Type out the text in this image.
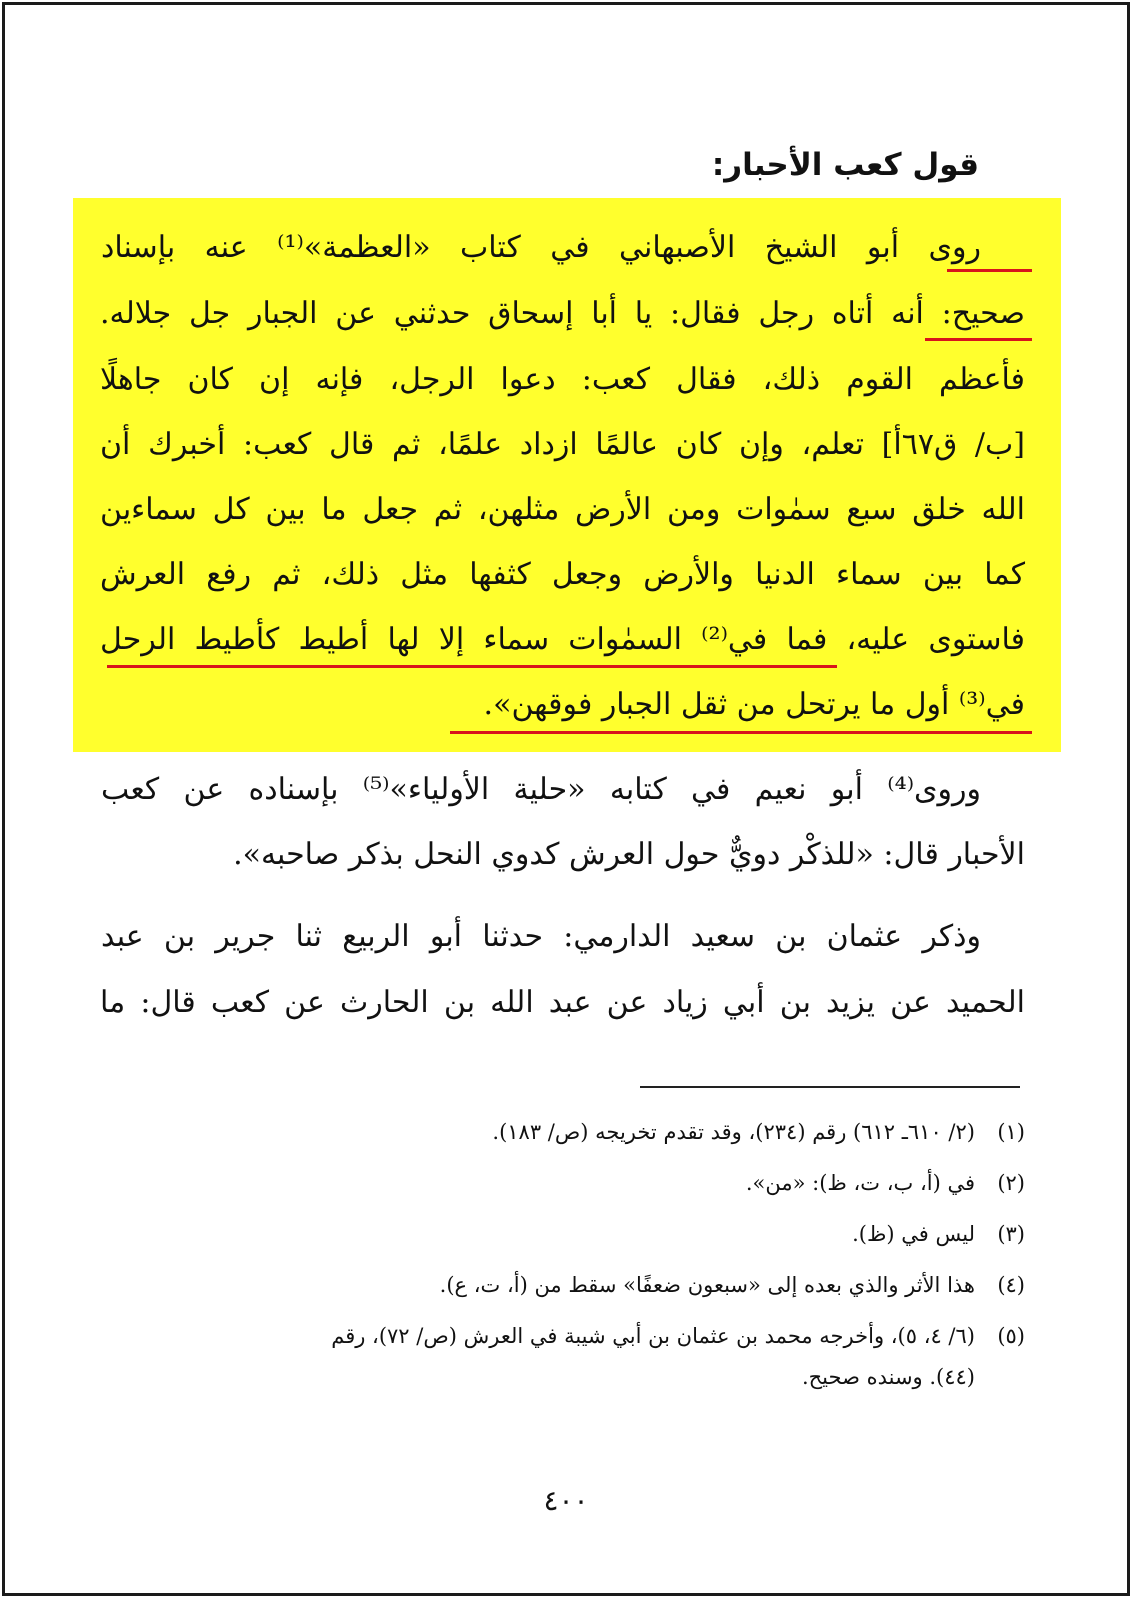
قول كعب الأحبار:
روى أبو الشيخ الأصبهاني في كتاب «العظمة»⁽¹⁾ عنه بإسناد
صحيح: أنه أتاه رجل فقال: يا أبا إسحاق حدثني عن الجبار جل جلاله.
فأعظم القوم ذلك، فقال كعب: دعوا الرجل، فإنه إن كان جاهلًا
[ب/ ق٦٧أ] تعلم، وإن كان عالمًا ازداد علمًا، ثم قال كعب: أخبرك أن
الله خلق سبع سمٰوات ومن الأرض مثلهن، ثم جعل ما بين كل سماءين
كما بين سماء الدنيا والأرض وجعل كثفها مثل ذلك، ثم رفع العرش
فاستوى عليه، فما في⁽²⁾ السمٰوات سماء إلا لها أطيط كأطيط الرحل
في⁽³⁾ أول ما يرتحل من ثقل الجبار فوقهن».
وروى⁽⁴⁾ أبو نعيم في كتابه «حلية الأولياء»⁽⁵⁾ بإسناده عن كعب
الأحبار قال: «للذكْر دويٌّ حول العرش كدوي النحل بذكر صاحبه».
وذكر عثمان بن سعيد الدارمي: حدثنا أبو الربيع ثنا جرير بن عبد
الحميد عن يزيد بن أبي زياد عن عبد الله بن الحارث عن كعب قال: ما
(١)(٢/ ٦١٠ـ ٦١٢) رقم (٢٣٤)، وقد تقدم تخريجه (ص/ ١٨٣).
(٢)في (أ، ب، ت، ظ): «من».
(٣)ليس في (ظ).
(٤)هذا الأثر والذي بعده إلى «سبعون ضعفًا» سقط من (أ، ت، ع).
(٥)(٦/ ٤، ٥)، وأخرجه محمد بن عثمان بن أبي شيبة في العرش (ص/ ٧٢)، رقم
(٤٤). وسنده صحيح.
٤٠٠
